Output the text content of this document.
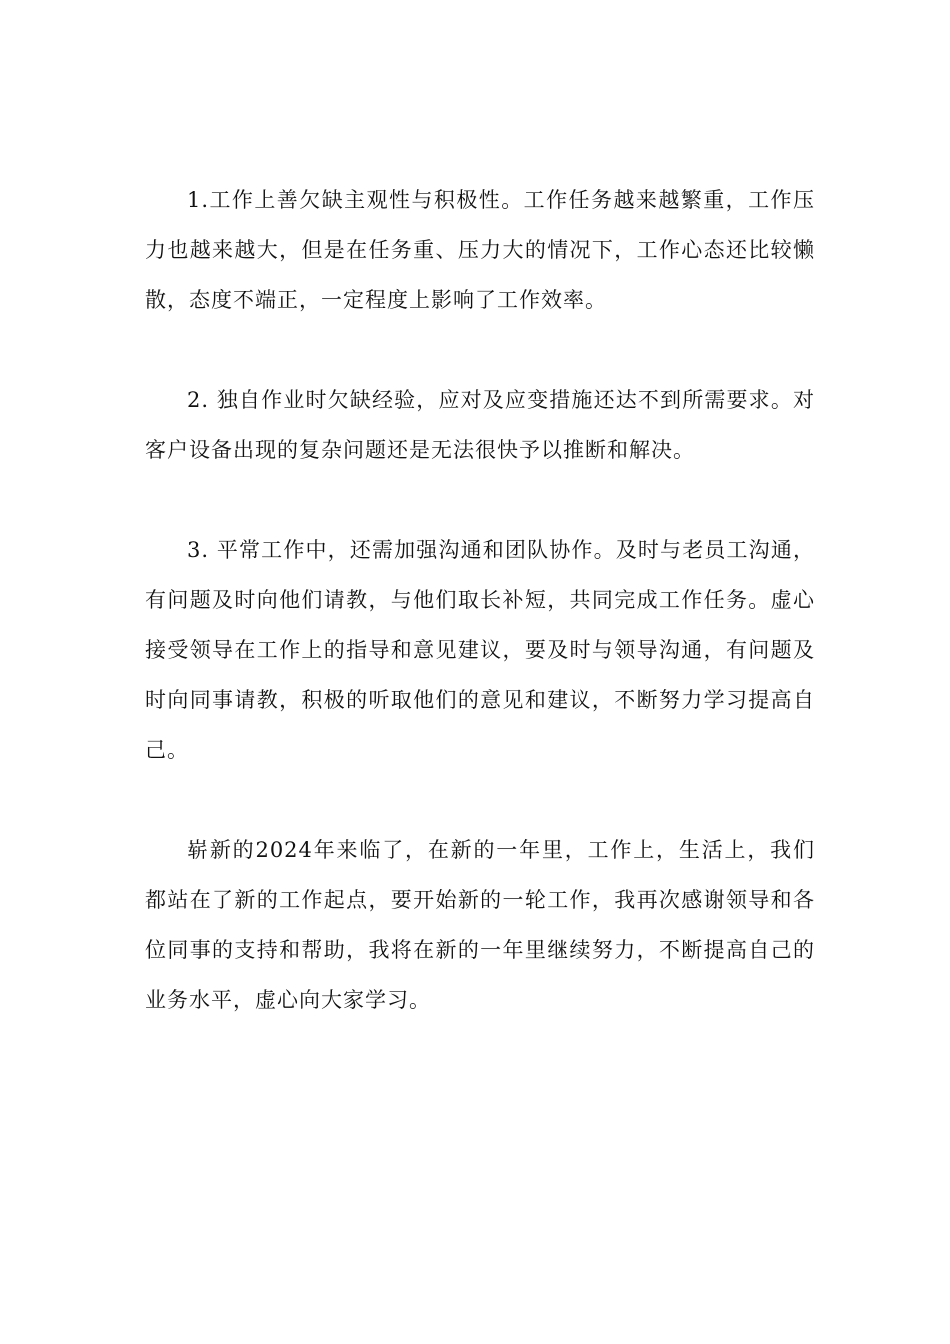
1.工作上善欠缺主观性与积极性。工作任务越来越繁重，工作压力也越来越大，但是在任务重、压力大的情况下，工作心态还比较懒散，态度不端正，一定程度上影响了工作效率。

2. 独自作业时欠缺经验，应对及应变措施还达不到所需要求。对客户设备出现的复杂问题还是无法很快予以推断和解决。

3. 平常工作中，还需加强沟通和团队协作。及时与老员工沟通，有问题及时向他们请教，与他们取长补短，共同完成工作任务。虚心接受领导在工作上的指导和意见建议，要及时与领导沟通，有问题及时向同事请教，积极的听取他们的意见和建议，不断努力学习提高自己。

崭新的2024年来临了，在新的一年里，工作上，生活上，我们都站在了新的工作起点，要开始新的一轮工作，我再次感谢领导和各位同事的支持和帮助，我将在新的一年里继续努力，不断提高自己的业务水平，虚心向大家学习。
